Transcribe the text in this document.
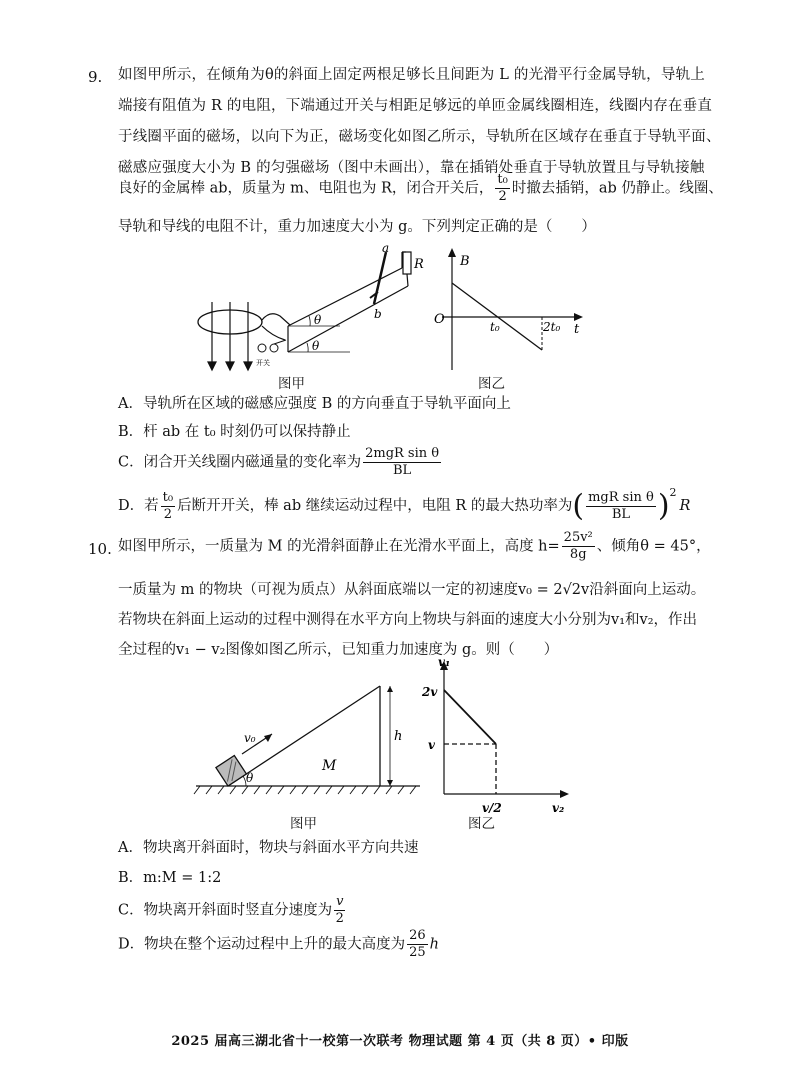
9. 如图甲所示，在倾角为θ的斜面上固定两根足够长且间距为 L 的光滑平行金属导轨，导轨上
端接有阻值为 R 的电阻，下端通过开关与相距足够远的单匝金属线圈相连，线圈内存在垂直
于线圈平面的磁场，以向下为正，磁场变化如图乙所示，导轨所在区域存在垂直于导轨平面、
磁感应强度大小为 B 的匀强磁场（图中未画出），靠在插销处垂直于导轨放置且与导轨接触
良好的金属棒 ab，质量为 m、电阻也为 R，闭合开关后， $\frac{\text{t₀}}{2}$ 时撤去插销，ab 仍静止。线圈、
导轨和导线的电阻不计，重力加速度大小为 g。下列判定正确的是（　　）
开关
θ
θ
a
b
R
图甲
B
O	t₀	2t₀ t
图乙
A．导轨所在区域的磁感应强度 B 的方向垂直于导轨平面向上
B．杆 ab 在 t₀ 时刻仍可以保持静止
C．闭合开关线圈内磁通量的变化率为 $\frac{\text{2mgR sin θ}}{BL}$
D．若 $\frac{\text{t₀}}{2}$ 后断开开关，棒 ab 继续运动过程中，电阻 R 的最大热功率为( $\frac{\text{mgR sin θ}}{BL} )^2R$
10. 如图甲所示，一质量为 M 的光滑斜面静止在光滑水平面上，高度 $h= \frac{\text{25v²}}{8g}$ 、倾角θ = 45°，
一质量为 m 的物块（可视为质点）从斜面底端以一定的初速度v₀ = 2√2v沿斜面向上运动。
若物块在斜面上运动的过程中测得在水平方向上物块与斜面的速度大小分别为v₁和v₂，作出
全过程的v₁ − v₂图像如图乙所示，已知重力加速度为 g。则（　　）
h
v₀
θ
M
图甲
v₁
v₂
2v
v
v/2
图乙
A．物块离开斜面时，物块与斜面水平方向共速
B．m:M = 1:2
C．物块离开斜面时竖直分速度为 $\frac{v}{2}$
D．物块在整个运动过程中上升的最大高度为 $\frac{26}{25}$ h
2025 届高三湖北省十一校第一次联考 物理试题 第 4 页（共 8 页）• 印版
